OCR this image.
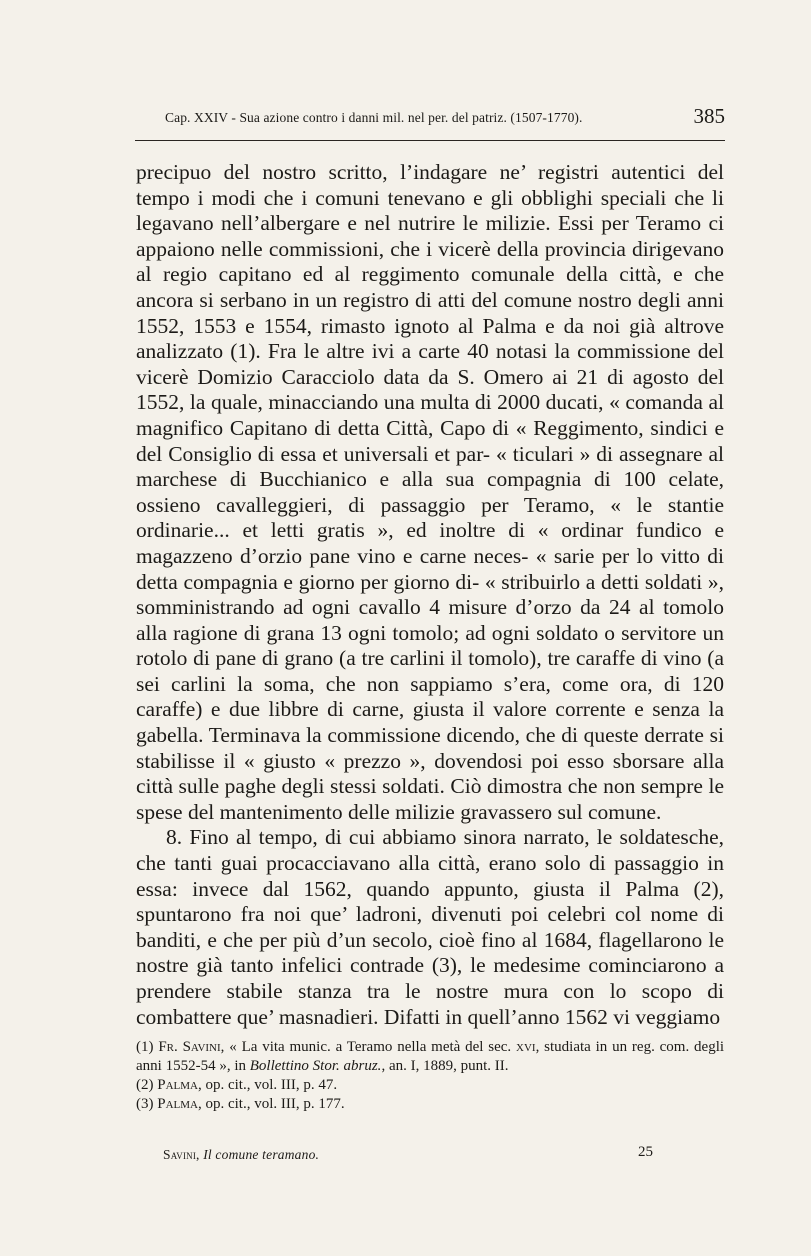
Cap. XXIV - Sua azione contro i danni mil. nel per. del patriz. (1507-1770).	385

precipuo del nostro scritto, l’indagare ne’ registri autentici del tempo i modi che i comuni tenevano e gli obblighi speciali che li legavano nell’albergare e nel nutrire le milizie. Essi per Teramo ci appaiono nelle commissioni, che i vicerè della provincia dirigevano al regio capitano ed al reggimento comunale della città, e che ancora si serbano in un registro di atti del comune nostro degli anni 1552, 1553 e 1554, rimasto ignoto al Palma e da noi già altrove analizzato (1). Fra le altre ivi a carte 40 notasi la commissione del vicerè Domizio Caracciolo data da S. Omero ai 21 di agosto del 1552, la quale, minacciando una multa di 2000 ducati, « comanda al magnifico Capitano di detta Città, Capo di « Reggimento, sindici e del Consiglio di essa et universali et par- « ticulari » di assegnare al marchese di Bucchianico e alla sua compagnia di 100 celate, ossieno cavalleggieri, di passaggio per Teramo, « le stantie ordinarie... et letti gratis », ed inoltre di « ordinar fundico e magazzeno d’orzio pane vino e carne neces- « sarie per lo vitto di detta compagnia e giorno per giorno di- « stribuirlo a detti soldati », somministrando ad ogni cavallo 4 misure d’orzo da 24 al tomolo alla ragione di grana 13 ogni tomolo; ad ogni soldato o servitore un rotolo di pane di grano (a tre carlini il tomolo), tre caraffe di vino (a sei carlini la soma, che non sappiamo s’era, come ora, di 120 caraffe) e due libbre di carne, giusta il valore corrente e senza la gabella. Terminava la commissione dicendo, che di queste derrate si stabilisse il « giusto « prezzo », dovendosi poi esso sborsare alla città sulle paghe degli stessi soldati. Ciò dimostra che non sempre le spese del mantenimento delle milizie gravassero sul comune.

8. Fino al tempo, di cui abbiamo sinora narrato, le soldatesche, che tanti guai procacciavano alla città, erano solo di passaggio in essa: invece dal 1562, quando appunto, giusta il Palma (2), spuntarono fra noi que’ ladroni, divenuti poi celebri col nome di banditi, e che per più d’un secolo, cioè fino al 1684, flagellarono le nostre già tanto infelici contrade (3), le medesime cominciarono a prendere stabile stanza tra le nostre mura con lo scopo di combattere que’ masnadieri. Difatti in quell’anno 1562 vi veggiamo

(1) Fr. Savini, « La vita munic. a Teramo nella metà del sec. xvi, studiata in un reg. com. degli anni 1552-54 », in Bollettino Stor. abruz., an. I, 1889, punt. II.

(2) Palma, op. cit., vol. III, p. 47.

(3) Palma, op. cit., vol. III, p. 177.

Savini, Il comune teramano.	25
